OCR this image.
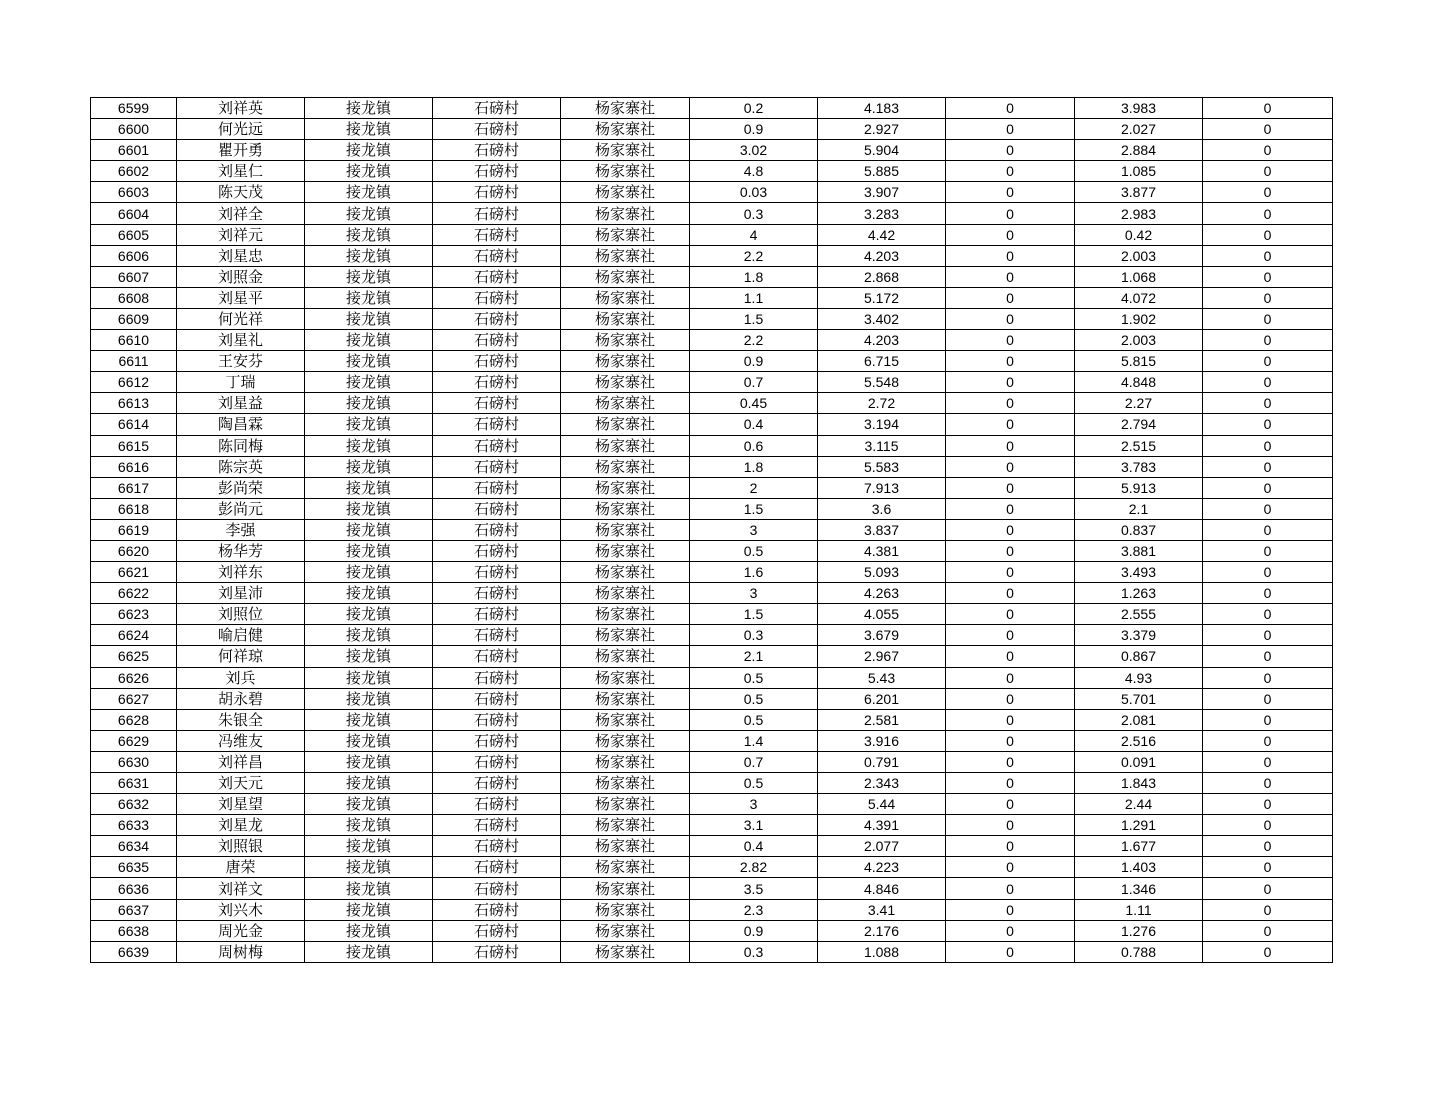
6599	刘祥英	接龙镇	石磅村	杨家寨社	0.2	4.183	0	3.983	0
6600	何光远	接龙镇	石磅村	杨家寨社	0.9	2.927	0	2.027	0
6601	瞿开勇	接龙镇	石磅村	杨家寨社	3.02	5.904	0	2.884	0
6602	刘星仁	接龙镇	石磅村	杨家寨社	4.8	5.885	0	1.085	0
6603	陈天茂	接龙镇	石磅村	杨家寨社	0.03	3.907	0	3.877	0
6604	刘祥全	接龙镇	石磅村	杨家寨社	0.3	3.283	0	2.983	0
6605	刘祥元	接龙镇	石磅村	杨家寨社	4	4.42	0	0.42	0
6606	刘星忠	接龙镇	石磅村	杨家寨社	2.2	4.203	0	2.003	0
6607	刘照金	接龙镇	石磅村	杨家寨社	1.8	2.868	0	1.068	0
6608	刘星平	接龙镇	石磅村	杨家寨社	1.1	5.172	0	4.072	0
6609	何光祥	接龙镇	石磅村	杨家寨社	1.5	3.402	0	1.902	0
6610	刘星礼	接龙镇	石磅村	杨家寨社	2.2	4.203	0	2.003	0
6611	王安芬	接龙镇	石磅村	杨家寨社	0.9	6.715	0	5.815	0
6612	丁瑞	接龙镇	石磅村	杨家寨社	0.7	5.548	0	4.848	0
6613	刘星益	接龙镇	石磅村	杨家寨社	0.45	2.72	0	2.27	0
6614	陶昌霖	接龙镇	石磅村	杨家寨社	0.4	3.194	0	2.794	0
6615	陈同梅	接龙镇	石磅村	杨家寨社	0.6	3.115	0	2.515	0
6616	陈宗英	接龙镇	石磅村	杨家寨社	1.8	5.583	0	3.783	0
6617	彭尚荣	接龙镇	石磅村	杨家寨社	2	7.913	0	5.913	0
6618	彭尚元	接龙镇	石磅村	杨家寨社	1.5	3.6	0	2.1	0
6619	李强	接龙镇	石磅村	杨家寨社	3	3.837	0	0.837	0
6620	杨华芳	接龙镇	石磅村	杨家寨社	0.5	4.381	0	3.881	0
6621	刘祥东	接龙镇	石磅村	杨家寨社	1.6	5.093	0	3.493	0
6622	刘星沛	接龙镇	石磅村	杨家寨社	3	4.263	0	1.263	0
6623	刘照位	接龙镇	石磅村	杨家寨社	1.5	4.055	0	2.555	0
6624	喻启健	接龙镇	石磅村	杨家寨社	0.3	3.679	0	3.379	0
6625	何祥琼	接龙镇	石磅村	杨家寨社	2.1	2.967	0	0.867	0
6626	刘兵	接龙镇	石磅村	杨家寨社	0.5	5.43	0	4.93	0
6627	胡永碧	接龙镇	石磅村	杨家寨社	0.5	6.201	0	5.701	0
6628	朱银全	接龙镇	石磅村	杨家寨社	0.5	2.581	0	2.081	0
6629	冯维友	接龙镇	石磅村	杨家寨社	1.4	3.916	0	2.516	0
6630	刘祥昌	接龙镇	石磅村	杨家寨社	0.7	0.791	0	0.091	0
6631	刘天元	接龙镇	石磅村	杨家寨社	0.5	2.343	0	1.843	0
6632	刘星望	接龙镇	石磅村	杨家寨社	3	5.44	0	2.44	0
6633	刘星龙	接龙镇	石磅村	杨家寨社	3.1	4.391	0	1.291	0
6634	刘照银	接龙镇	石磅村	杨家寨社	0.4	2.077	0	1.677	0
6635	唐荣	接龙镇	石磅村	杨家寨社	2.82	4.223	0	1.403	0
6636	刘祥文	接龙镇	石磅村	杨家寨社	3.5	4.846	0	1.346	0
6637	刘兴木	接龙镇	石磅村	杨家寨社	2.3	3.41	0	1.11	0
6638	周光金	接龙镇	石磅村	杨家寨社	0.9	2.176	0	1.276	0
6639	周树梅	接龙镇	石磅村	杨家寨社	0.3	1.088	0	0.788	0
